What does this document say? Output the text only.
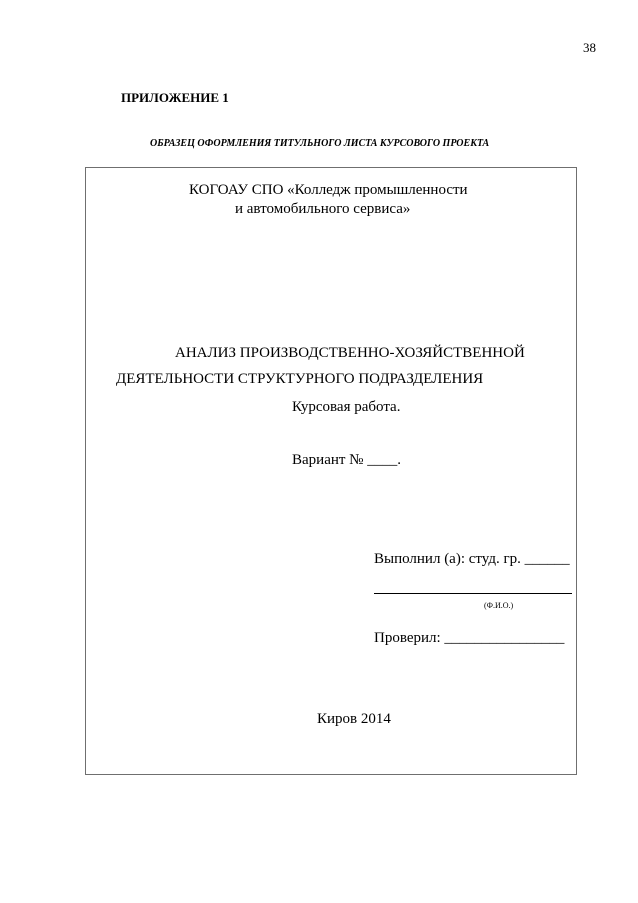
38
ПРИЛОЖЕНИЕ 1
ОБРАЗЕЦ ОФОРМЛЕНИЯ ТИТУЛЬНОГО ЛИСТА КУРСОВОГО ПРОЕКТА
КОГОАУ СПО «Колледж промышленности
и автомобильного сервиса»
АНАЛИЗ ПРОИЗВОДСТВЕННО-ХОЗЯЙСТВЕННОЙ
ДЕЯТЕЛЬНОСТИ СТРУКТУРНОГО ПОДРАЗДЕЛЕНИЯ
Курсовая работа.
Вариант № ____.
Выполнил (а): студ. гр. ______
(Ф.И.О.)
Проверил: ________________
Киров 2014
